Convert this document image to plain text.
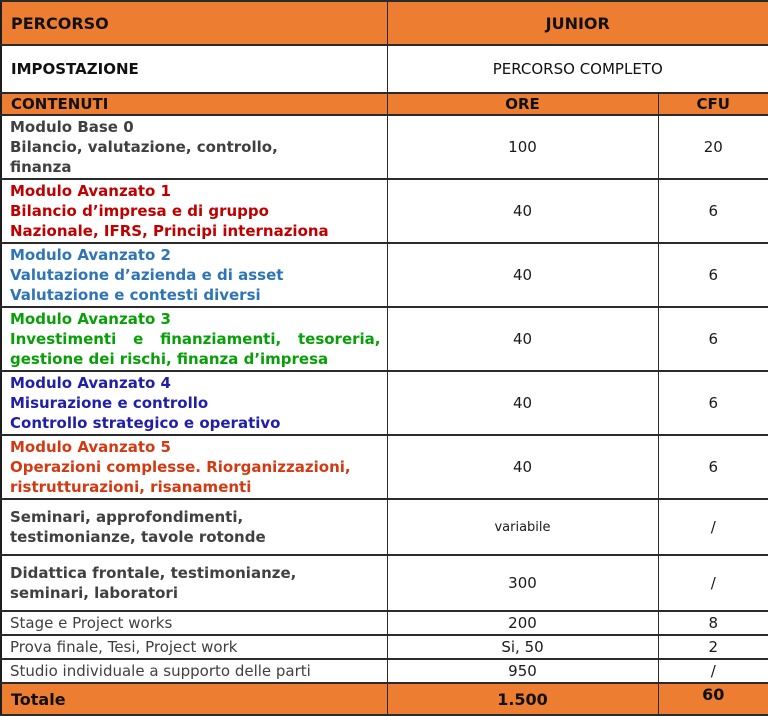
PERCORSO	JUNIOR	
IMPOSTAZIONE	PERCORSO COMPLETO	
CONTENUTI	ORE	CFU

Modulo Base 0
Bilancio, valutazione, controllo,
finanza	100	20

Modulo Avanzato 1
Bilancio d’impresa e di gruppo
Nazionale, IFRS, Principi internaziona	40	6

Modulo Avanzato 2
Valutazione d’azienda e di asset
Valutazione e contesti diversi	40	6

Modulo Avanzato 3
Investimenti e finanziamenti, tesoreria,
gestione dei rischi, finanza d’impresa	40	6

Modulo Avanzato 4
Misurazione e controllo
Controllo strategico e operativo	40	6

Modulo Avanzato 5
Operazioni complesse. Riorganizzazioni,
ristrutturazioni, risanamenti	40	6

Seminari, approfondimenti,
testimonianze, tavole rotonde	variabile	/

Didattica frontale, testimonianze,
seminari, laboratori	300	/

Stage e Project works	200	8

Prova finale, Tesi, Project work	Si, 50	2

Studio individuale a supporto delle parti	950	/
Totale	1.500	60
